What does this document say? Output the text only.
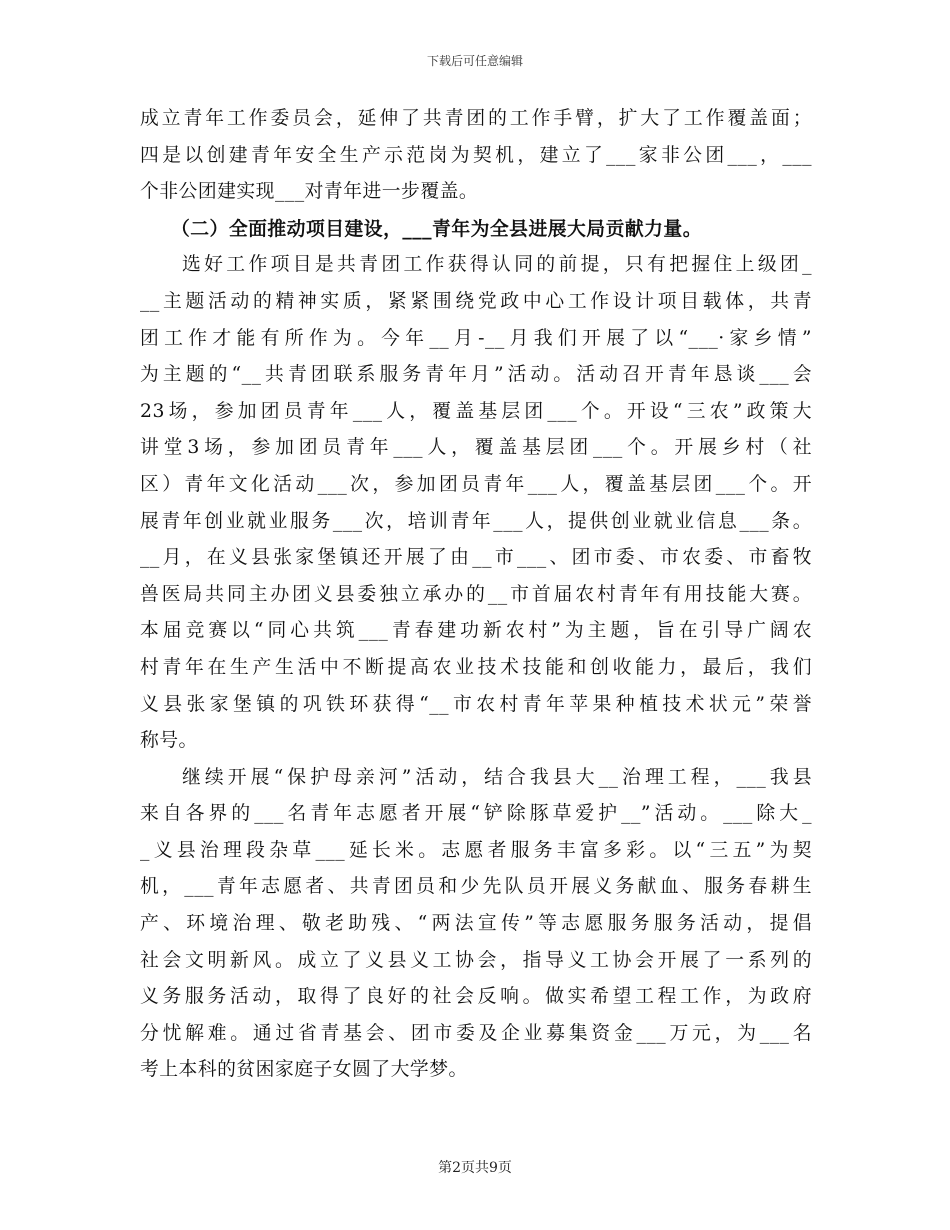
下载后可任意编辑
成立青年工作委员会，延伸了共青团的工作手臂，扩大了工作覆盖面；
四是以创建青年安全生产示范岗为契机，建立了___家非公团___，___
个非公团建实现___对青年进一步覆盖。
（二）全面推动项目建设，___青年为全县进展大局贡献力量。
选好工作项目是共青团工作获得认同的前提，只有把握住上级团_
__主题活动的精神实质，紧紧围绕党政中心工作设计项目载体，共青
团工作才能有所作为。今年__月-__月我们开展了以“___·家乡情”
为主题的“__共青团联系服务青年月”活动。活动召开青年恳谈___会
23场，参加团员青年___人，覆盖基层团___个。开设“三农”政策大
讲堂3场，参加团员青年___人，覆盖基层团___个。开展乡村（社
区）青年文化活动___次，参加团员青年___人，覆盖基层团___个。开
展青年创业就业服务___次，培训青年___人，提供创业就业信息___条。
__月，在义县张家堡镇还开展了由__市___、团市委、市农委、市畜牧
兽医局共同主办团义县委独立承办的__市首届农村青年有用技能大赛。
本届竞赛以“同心共筑___青春建功新农村”为主题，旨在引导广阔农
村青年在生产生活中不断提高农业技术技能和创收能力，最后，我们
义县张家堡镇的巩铁环获得“__市农村青年苹果种植技术状元”荣誉
称号。
继续开展“保护母亲河”活动，结合我县大__治理工程，___我县
来自各界的___名青年志愿者开展“铲除豚草爱护__”活动。___除大_
_义县治理段杂草___延长米。志愿者服务丰富多彩。以“三五”为契
机，___青年志愿者、共青团员和少先队员开展义务献血、服务春耕生
产、环境治理、敬老助残、“两法宣传”等志愿服务服务活动，提倡
社会文明新风。成立了义县义工协会，指导义工协会开展了一系列的
义务服务活动，取得了良好的社会反响。做实希望工程工作，为政府
分忧解难。通过省青基会、团市委及企业募集资金___万元，为___名
考上本科的贫困家庭子女圆了大学梦。
第2页共9页
